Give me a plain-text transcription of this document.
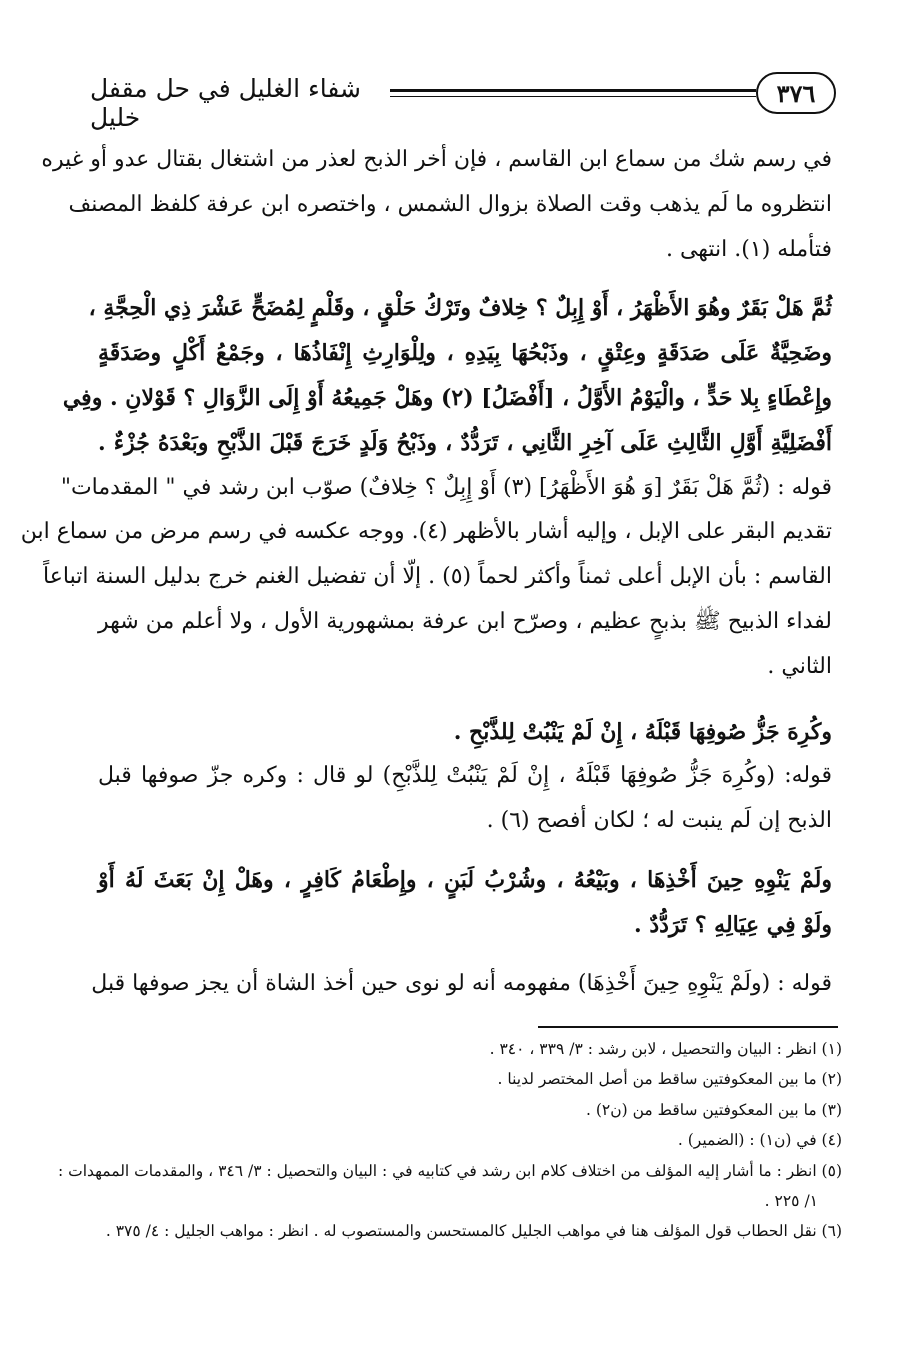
٣٧٦
شفاء الغليل في حل مقفل خليل
في رسم شك من سماع ابن القاسم ، فإن أخر الذبح لعذر من اشتغال بقتال عدو أو غيره
انتظروه ما لَم يذهب وقت الصلاة بزوال الشمس ، واختصره ابن عرفة كلفظ المصنف
فتأمله (١). انتهى .
ثُمَّ هَلْ بَقَرٌ وهُوَ الأَظْهَرُ ، أَوْ إِبِلٌ ؟ خِلافٌ وتَرْكُ حَلْقٍ ، وقَلْمٍ لِمُضَحٍّ عَشْرَ ذِي الْحِجَّةِ ،
وضَحِيَّةٌ عَلَى صَدَقَةٍ وعِتْقٍ ، وذَبْحُهَا بِيَدِهِ ، ولِلْوَارِثِ إِنْفَاذُهَا ، وجَمْعُ أَكْلٍ وصَدَقَةٍ
وإِعْطَاءٍ بِلا حَدٍّ ، والْيَوْمُ الأَوَّلُ ، [أَفْضَلُ] (٢) وهَلْ جَمِيعُهُ أَوْ إِلَى الزَّوَالِ ؟ قَوْلانِ . وفِي
أَفْضَلِيَّةِ أَوَّلِ الثَّالِثِ عَلَى آخِرِ الثَّانِي ، تَرَدُّدٌ ، وذَبْحُ وَلَدٍ خَرَجَ قَبْلَ الذَّبْحِ وبَعْدَهُ جُزْءٌ .
قوله : (ثُمَّ هَلْ بَقَرٌ [وَ هُوَ الأَظْهَرُ] (٣) أَوْ إِبِلٌ ؟ خِلافٌ) صوّب ابن رشد في " المقدمات"
تقديم البقر على الإبل ، وإليه أشار بالأظهر (٤). ووجه عكسه في رسم مرض من سماع ابن
القاسم : بأن الإبل أعلى ثمناً وأكثر لحماً (٥) . إلّا أن تفضيل الغنم خرج بدليل السنة اتباعاً
لفداء الذبيح ﷺ بذبحٍ عظيم ، وصرّح ابن عرفة بمشهورية الأول ، ولا أعلم من شهر
الثاني .
وكُرِهَ جَزُّ صُوفِهَا قَبْلَهُ ، إِنْ لَمْ يَنْبُتْ لِلذَّبْحِ .
قوله: (وكُرِهَ جَزُّ صُوفِهَا قَبْلَهُ ، إِنْ لَمْ يَنْبُتْ لِلذَّبْحِ) لو قال : وكره جزّ صوفها قبل
الذبح إن لَم ينبت له ؛ لكان أفصح (٦) .
ولَمْ يَنْوِهِ حِينَ أَخْذِهَا ، وبَيْعُهُ ، وشُرْبُ لَبَنٍ ، وإِطْعَامُ كَافِرٍ ، وهَلْ إِنْ بَعَثَ لَهُ أَوْ
ولَوْ فِي عِيَالِهِ ؟ تَرَدُّدٌ .
قوله : (ولَمْ يَنْوِهِ حِينَ أَخْذِهَا) مفهومه أنه لو نوى حين أخذ الشاة أن يجز صوفها قبل
(١) انظر : البيان والتحصيل ، لابن رشد : ٣/ ٣٣٩ ، ٣٤٠ .
(٢) ما بين المعكوفتين ساقط من أصل المختصر لدينا .
(٣) ما بين المعكوفتين ساقط من (ن٢) .
(٤) في (ن١) : (الضمير) .
(٥) انظر : ما أشار إليه المؤلف من اختلاف كلام ابن رشد في كتابيه في : البيان والتحصيل : ٣/ ٣٤٦ ، والمقدمات الممهدات :
١/ ٢٢٥ .
(٦) نقل الحطاب قول المؤلف هنا في مواهب الجليل كالمستحسن والمستصوب له . انظر : مواهب الجليل : ٤/ ٣٧٥ .
